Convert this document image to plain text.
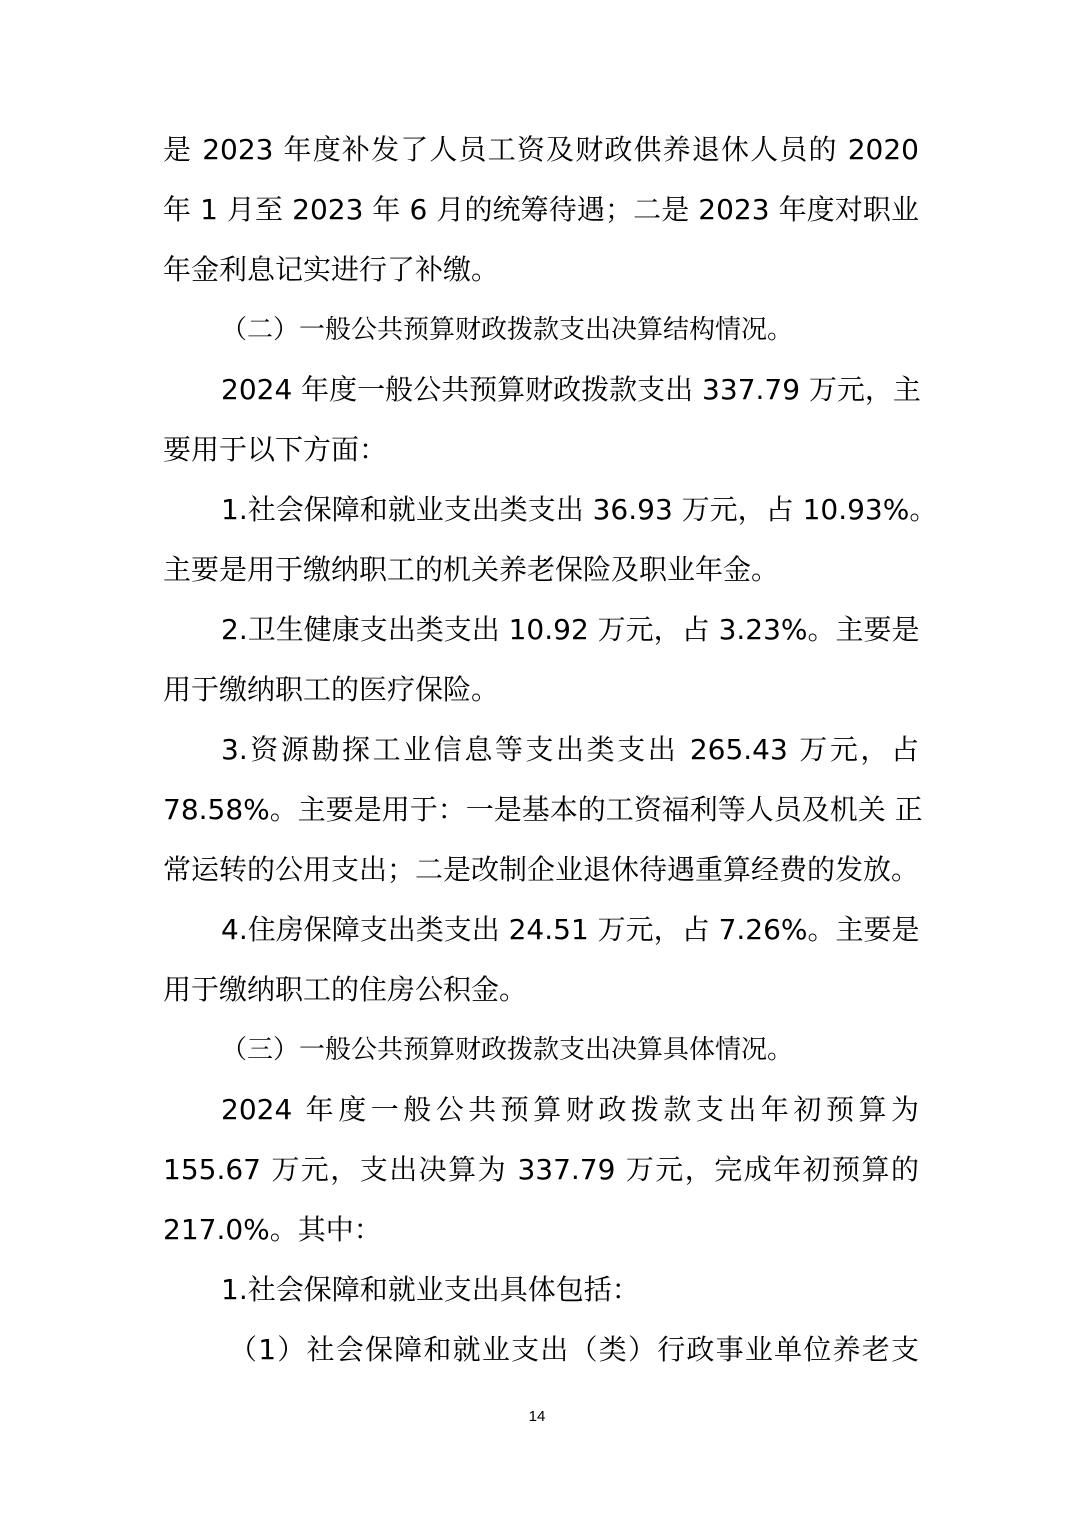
是 2023 年度补发了人员工资及财政供养退休人员的 2020
年 1 月至 2023 年 6 月的统筹待遇；二是 2023 年度对职业
年金利息记实进行了补缴。
（二）一般公共预算财政拨款支出决算结构情况。
2024 年度一般公共预算财政拨款支出 337.79 万元，主
要用于以下方面：
1.社会保障和就业支出类支出 36.93 万元，占 10.93%。
主要是用于缴纳职工的机关养老保险及职业年金。
2.卫生健康支出类支出 10.92 万元，占 3.23%。主要是
用于缴纳职工的医疗保险。
3.资源勘探工业信息等支出类支出 265.43 万元，占
78.58%。主要是用于：一是基本的工资福利等人员及机关 正
常运转的公用支出；二是改制企业退休待遇重算经费的发放。
4.住房保障支出类支出 24.51 万元，占 7.26%。主要是
用于缴纳职工的住房公积金。
（三）一般公共预算财政拨款支出决算具体情况。
2024 年度一般公共预算财政拨款支出年初预算为
155.67 万元，支出决算为 337.79 万元，完成年初预算的
217.0%。其中：
1.社会保障和就业支出具体包括：
（1）社会保障和就业支出（类）行政事业单位养老支
14
